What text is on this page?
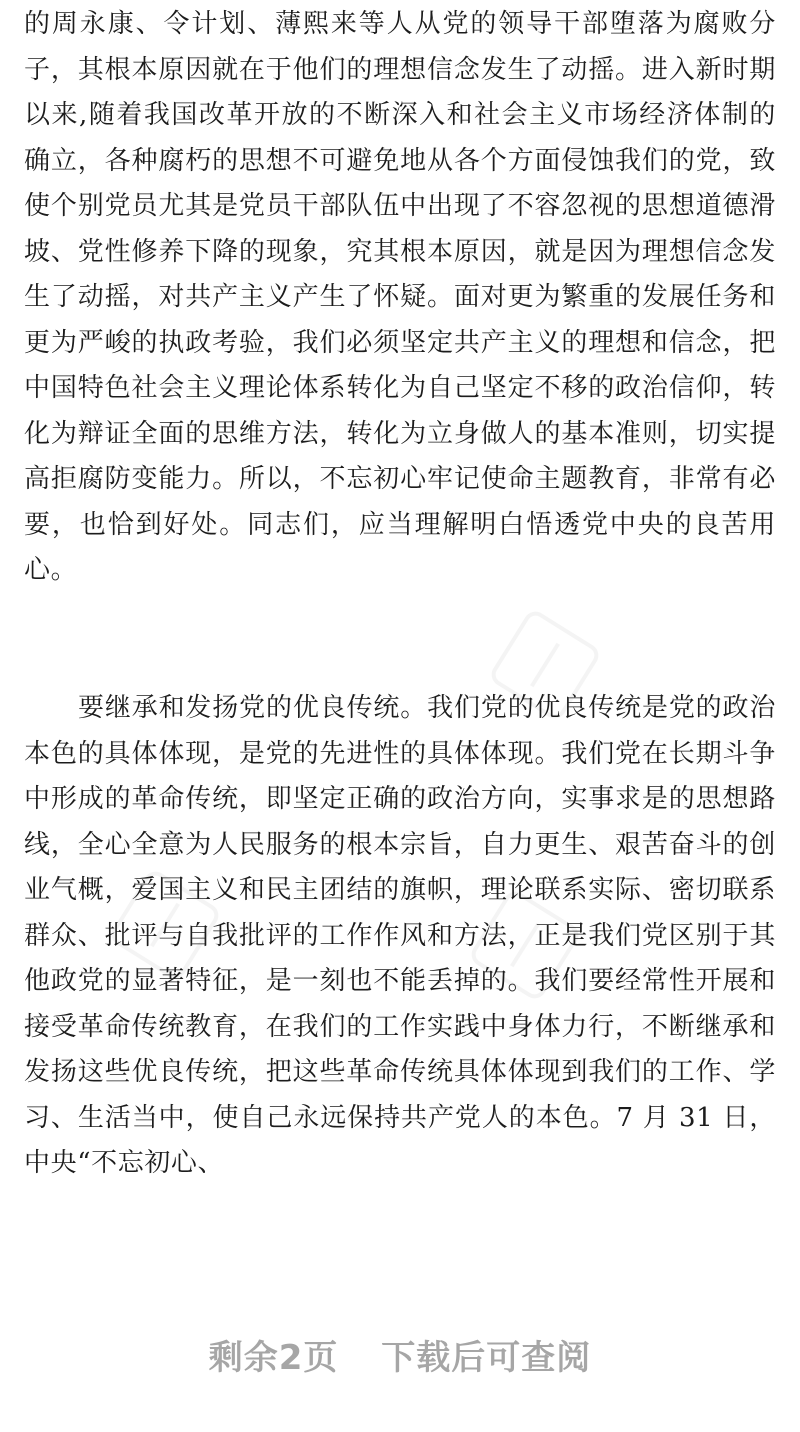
的周永康、令计划、薄熙来等人从党的领导干部堕落为腐败分子，其根本原因就在于他们的理想信念发生了动摇。进入新时期以来,随着我国改革开放的不断深入和社会主义市场经济体制的确立，各种腐朽的思想不可避免地从各个方面侵蚀我们的党，致使个别党员尤其是党员干部队伍中出现了不容忽视的思想道德滑坡、党性修养下降的现象，究其根本原因，就是因为理想信念发生了动摇，对共产主义产生了怀疑。面对更为繁重的发展任务和更为严峻的执政考验，我们必须坚定共产主义的理想和信念，把中国特色社会主义理论体系转化为自己坚定不移的政治信仰，转化为辩证全面的思维方法，转化为立身做人的基本准则，切实提高拒腐防变能力。所以，不忘初心牢记使命主题教育，非常有必要，也恰到好处。同志们，应当理解明白悟透党中央的良苦用心。

要继承和发扬党的优良传统。我们党的优良传统是党的政治本色的具体体现，是党的先进性的具体体现。我们党在长期斗争中形成的革命传统，即坚定正确的政治方向，实事求是的思想路线，全心全意为人民服务的根本宗旨，自力更生、艰苦奋斗的创业气概，爱国主义和民主团结的旗帜，理论联系实际、密切联系群众、批评与自我批评的工作作风和方法，正是我们党区别于其他政党的显著特征，是一刻也不能丢掉的。我们要经常性开展和接受革命传统教育，在我们的工作实践中身体力行，不断继承和发扬这些优良传统，把这些革命传统具体体现到我们的工作、学习、生活当中，使自己永远保持共产党人的本色。7 月 31 日，中央“不忘初心、

剩余2页 下载后可查阅
